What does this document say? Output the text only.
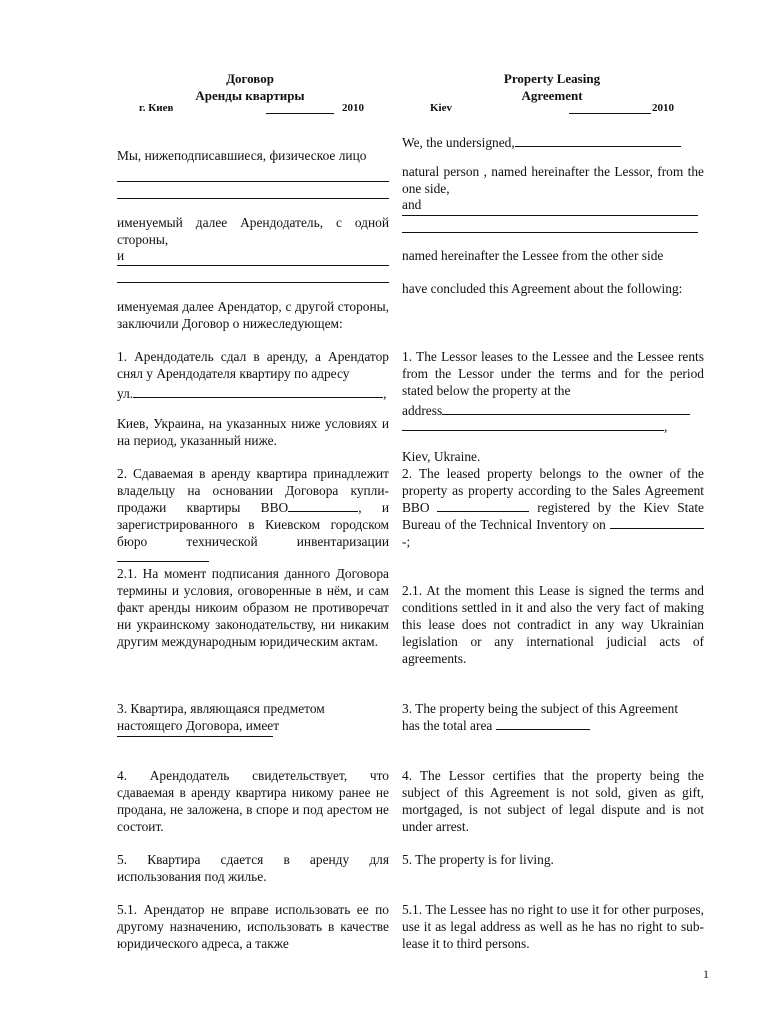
Договор
Аренды квартиры
г. Киев	2010
Property Leasing
Agreement
Kiev	2010

Мы, нижеподписавшиеся, физическое лицо

именуемый далее Арендодатель, с одной стороны,

и

именуемая далее Арендатор, с другой стороны, заключили Договор о нижеследующем:

1. Арендодатель сдал в аренду, а Арендатор снял у Арендодателя квартиру по адресу

ул.	,

Киев, Украина, на указанных ниже условиях и на период, указанный ниже.

2. Сдаваемая в аренду квартира принадлежит владельцу на основании Договора купли-продажи квартиры ВВО	, и зарегистрированного в Киевском городском бюро технической инвентаризации

2.1. На момент подписания данного Договора термины и условия, оговоренные в нём, и сам факт аренды никоим образом не противоречат ни украинскому законодательству, ни никаким другим международным юридическим актам.

3. Квартира, являющаяся предметом настоящего Договора, имеет

4. Арендодатель свидетельствует, что сдаваемая в аренду квартира никому ранее не продана, не заложена, в споре и под арестом не состоит.

5. Квартира сдается в аренду для использования под жилье.

5.1. Арендатор не вправе использовать ее по другому назначению, использовать в качестве юридического адреса, а также

We, the undersigned,

natural person , named hereinafter the Lessor, from the one side,

and

named hereinafter the Lessee from the other side

have concluded this Agreement about the following:

1. The Lessor leases to the Lessee and the Lessee rents from the Lessor under the terms and for the period stated below the property at the

address
,

Kiev, Ukraine.

2. The leased property belongs to the owner of the property as property according to the Sales Agreement BBO	registered by the Kiev State Bureau of the Technical Inventory on -;

2.1. At the moment this Lease is signed the terms and conditions settled in it and also the very fact of making this lease does not contradict in any way Ukrainian legislation or any international judicial acts of agreements.

3. The property being the subject of this Agreement has the total area

4. The Lessor certifies that the property being the subject of this Agreement is not sold, given as gift, mortgaged, is not subject of legal dispute and is not under arrest.

5. The property is for living.

5.1. The Lessee has no right to use it for other purposes, use it as legal address as well as he has no right to sub-lease it to third persons.

1
